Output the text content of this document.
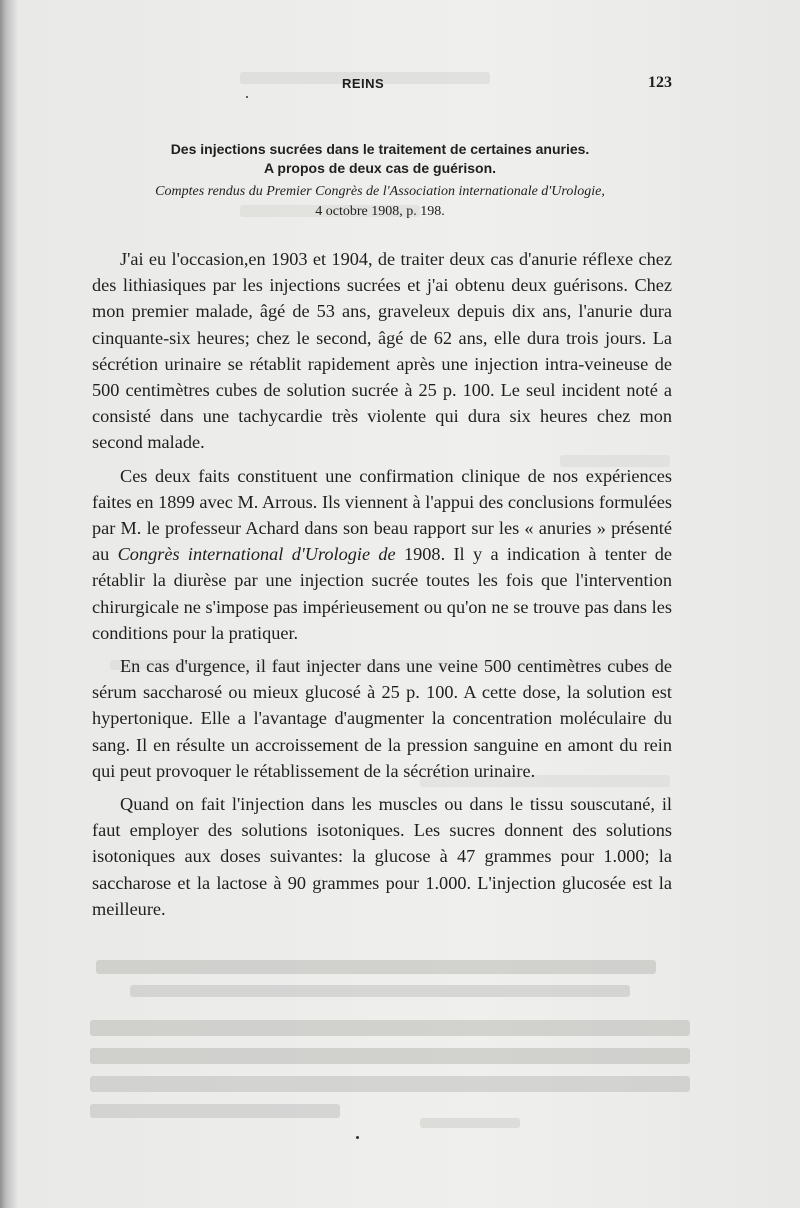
REINS	123
Des injections sucrées dans le traitement de certaines anuries.
A propos de deux cas de guérison.
Comptes rendus du Premier Congrès de l'Association internationale d'Urologie,
4 octobre 1908, p. 198.

J'ai eu l'occasion,en 1903 et 1904, de traiter deux cas d'anurie réflexe chez des lithiasiques par les injections sucrées et j'ai obtenu deux guérisons. Chez mon premier malade, âgé de 53 ans, graveleux depuis dix ans, l'anurie dura cinquante-six heures; chez le second, âgé de 62 ans, elle dura trois jours. La sécrétion urinaire se rétablit rapidement après une injection intra-veineuse de 500 centimètres cubes de solution sucrée à 25 p. 100. Le seul incident noté a consisté dans une tachycardie très violente qui dura six heures chez mon second malade.

Ces deux faits constituent une confirmation clinique de nos expériences faites en 1899 avec M. Arrous. Ils viennent à l'appui des conclusions formulées par M. le professeur Achard dans son beau rapport sur les « anuries » présenté au Congrès international d'Urologie de 1908. Il y a indication à tenter de rétablir la diurèse par une injection sucrée toutes les fois que l'intervention chirurgicale ne s'impose pas impérieusement ou qu'on ne se trouve pas dans les conditions pour la pratiquer.

En cas d'urgence, il faut injecter dans une veine 500 centimètres cubes de sérum saccharosé ou mieux glucosé à 25 p. 100. A cette dose, la solution est hypertonique. Elle a l'avantage d'augmenter la concentration moléculaire du sang. Il en résulte un accroissement de la pression sanguine en amont du rein qui peut provoquer le rétablissement de la sécrétion urinaire.

Quand on fait l'injection dans les muscles ou dans le tissu souscutané, il faut employer des solutions isotoniques. Les sucres donnent des solutions isotoniques aux doses suivantes: la glucose à 47 grammes pour 1.000; la saccharose et la lactose à 90 grammes pour 1.000. L'injection glucosée est la meilleure.
